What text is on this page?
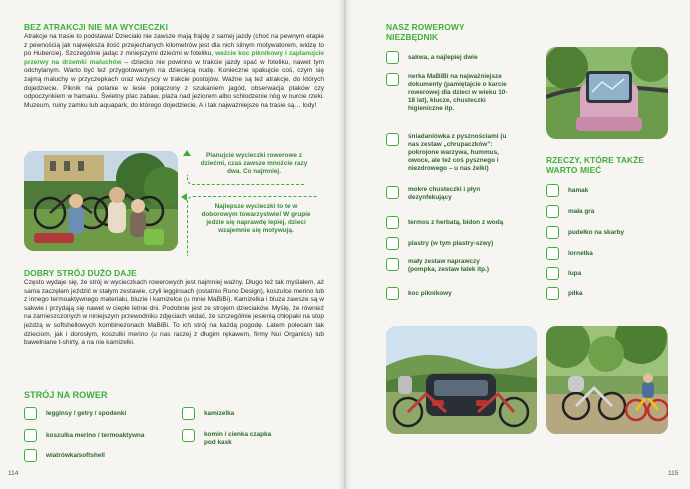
BEZ ATRAKCJI NIE MA WYCIECZKI
Atrakcje na trasie to podstawa! Dzieciaki nie zawsze mają frajdę z samej jazdy (choć na pewnym etapie z pewnością jak największa ilość przejechanych kilometrów jest dla nich silnym motywatorem, widzę to po Hubercie). Szczególnie jadąc z mniejszymi dziećmi w foteliku, weźcie koc piknikowy i zaplanujcie przerwy na drzemki maluchów – dziecko nie powinno w trakcie jazdy spać w foteliku, nawet tym odchylanym. Warto być też przygotowanym na dziecięcą nudę. Konieczne spakujcie coś, czym się zajmą maluchy w przyczepkach oraz wszyscy w trakcie postojów. Ważne są też atrakcje, do których dojedziecie. Piknik na polanie w lesie połączony z szukaniem jagód, obserwacja ptaków czy odpoczynkiem w hamaku. Świetny plac zabaw, plaża nad jeziorem albo schłodzenie nóg w nurcie rzeki. Muzeum, ruiny zamku lub aquapark, do którego dojedziecie. A i tak najważniejsze na trasie są… lody!
Planujcie wycieczki rowerowe z dziećmi, czas zawsze mnożcie razy dwa. Co najmniej.
Najlepsze wycieczki to te w doborowym towarzystwie! W grupie jedzie się naprawdę lepiej, dzieci wzajemnie się motywują.
DOBRY STRÓJ DUŻO DAJE
Często wydaje się, że strój w wycieczkach rowerowych jest najmniej ważny. Długo też tak myślałem, aż sama zaczęłam jeździć w stałym zestawie, czyli legginsach (ostatnio Runo Design), koszulce merino lub z innego termoaktywnego materiału, bluzie i kamizelce (u mnie MaBiBi). Kamizelka i bluza zawsze są w sakwie i przydają się nawet w ciepłe letnie dni. Podobnie jest ze strojem dzieciaków. Myślę, że również na zamieszczonych w niniejszym przewodniku zdjęciach widać, że szczególnie jesienią chłopaki na stop jeżdżą w softshellowych kombinezonach MaBiBi. To ich strój na każdą pogodę. Latem polecam tak dzieciom, jak i dorosłym, koszulki merino (u nas raczej z długim rękawem, firmy Nui Organics) lub bawełniane t-shirty, a na nie kamizelki.
STRÓJ NA ROWER
legginsy / getry / spodenki
koszulka merino / termoaktywna
wiatrówka/softshell
kamizelka
komin / cienka czapka pod kask
114
NASZ ROWEROWY
NIEZBĘDNIK
sakwa, a najlepiej dwie
nerka MaBiBi na najważniejsze dokumenty (pamiętajcie o karcie rowerowej dla dzieci w wieku 10-18 lat), klucze, chusteczki higieniczne itp.
śniadaniówka z pysznościami (u nas zestaw „chrupaczków”: pokrojone warzywa, hummus, owoce, ale też coś pysznego i niezdrowego – u nas żelki)
mokre chusteczki i płyn dezynfekujący
termos z herbatą, bidon z wodą
plastry (w tym plastry-szwy)
mały zestaw naprawczy (pompka, zestaw łatek itp.)
koc piknikowy
RZECZY, KTÓRE TAKŻE
WARTO MIEĆ
hamak
mała gra
pudełko na skarby
lornetka
lupa
piłka
115
